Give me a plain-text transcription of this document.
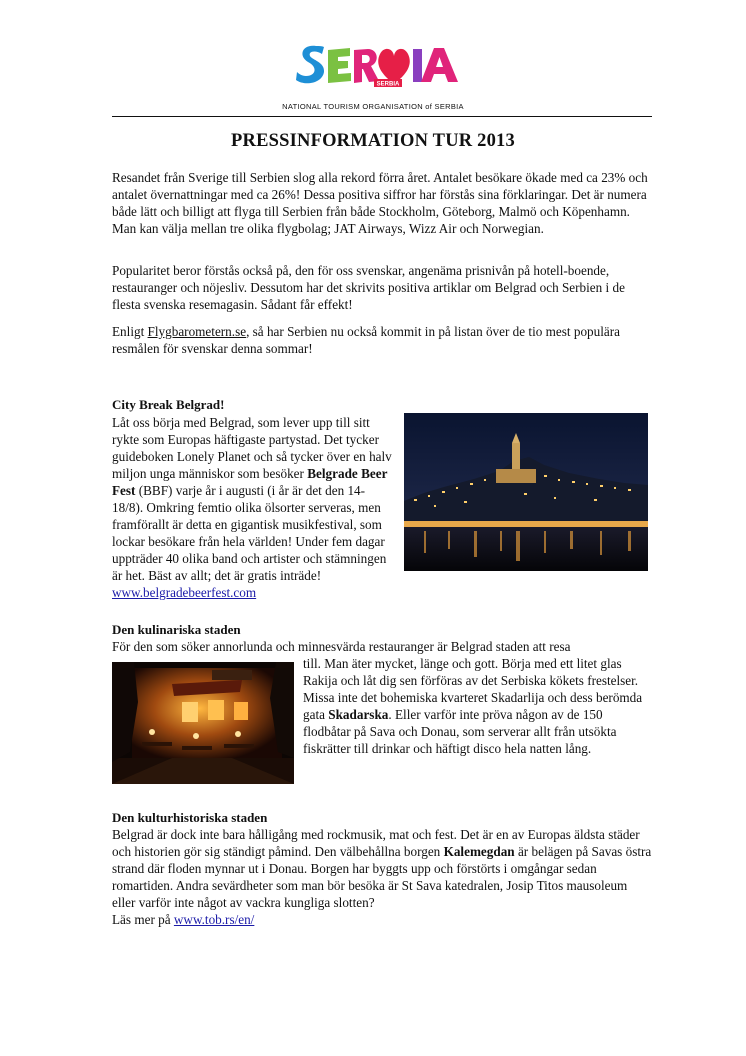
SERBIA
NATIONAL TOURISM ORGANISATION of SERBIA
PRESSINFORMATION TUR 2013

Resandet från Sverige till Serbien slog alla rekord förra året. Antalet besökare ökade med ca 23% och antalet övernattningar med ca 26%! Dessa positiva siffror har förstås sina förklaringar. Det är numera både lätt och billigt att flyga till Serbien från både Stockholm, Göteborg, Malmö och Köpenhamn. Man kan välja mellan tre olika flygbolag; JAT Airways, Wizz Air och Norwegian.

Popularitet beror förstås också på, den för oss svenskar, angenäma prisnivån på hotell-boende, restauranger och nöjesliv. Dessutom har det skrivits positiva artiklar om Belgrad och Serbien i de flesta svenska resemagasin. Sådant får effekt!

Enligt Flygbarometern.se, så har Serbien nu också kommit in på listan över de tio mest populära resmålen för svenskar denna sommar!

City Break Belgrad!

Låt oss börja med Belgrad, som lever upp till sitt rykte som Europas häftigaste partystad. Det tycker guideboken Lonely Planet och så tycker över en halv miljon unga människor som besöker Belgrade Beer Fest (BBF) varje år i augusti (i år är det den 14-18/8). Omkring femtio olika ölsorter serveras, men framförallt är detta en gigantisk musikfestival, som lockar besökare från hela världen! Under fem dagar uppträder 40 olika band och artister och stämningen är het. Bäst av allt; det är gratis inträde! www.belgradebeerfest.com

Den kulinariska staden

För den som söker annorlunda och minnesvärda restauranger är Belgrad staden att resa

till. Man äter mycket, länge och gott. Börja med ett litet glas Rakija och låt dig sen förföras av det Serbiska kökets frestelser. Missa inte det bohemiska kvarteret Skadarlija och dess berömda gata Skadarska. Eller varför inte pröva någon av de 150 flodbåtar på Sava och Donau, som serverar allt från utsökta fiskrätter till drinkar och häftigt disco hela natten lång.

Den kulturhistoriska staden

Belgrad är dock inte bara hålligång med rockmusik, mat och fest. Det är en av Europas äldsta städer och historien gör sig ständigt påmind. Den välbehållna borgen Kalemegdan är belägen på Savas östra strand där floden mynnar ut i Donau. Borgen har byggts upp och förstörts i omgångar sedan romartiden. Andra sevärdheter som man bör besöka är St Sava katedralen, Josip Titos mausoleum eller varför inte något av vackra kungliga slotten?
Läs mer på www.tob.rs/en/
